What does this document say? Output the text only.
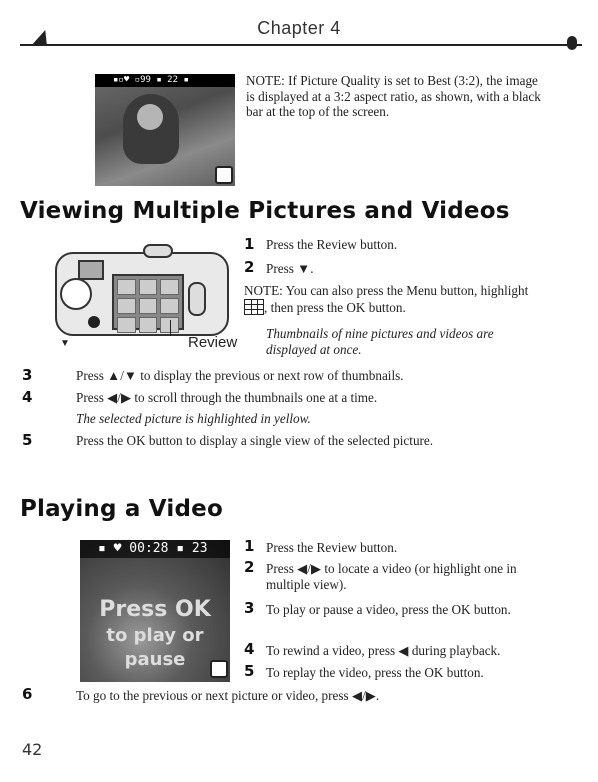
Chapter 4
▪▫♥ ▫99 ▪ 22 ▪	NOTE: If Picture Quality is set to Best (3:2), the image is displayed at a 3:2 aspect ratio, as shown, with a black bar at the top of the screen.
Viewing Multiple Pictures and Videos
▼	Review
1 Press the Review button.
2 Press ▼.
NOTE: You can also press the Menu button, highlight , then press the OK button.
Thumbnails of nine pictures and videos are displayed at once.
3	Press ▲/▼ to display the previous or next row of thumbnails.
4	Press ◀/▶ to scroll through the thumbnails one at a time.
The selected picture is highlighted in yellow.
5	Press the OK button to display a single view of the selected picture.
Playing a Video
▪ ♥ 00:28 ▪ 23
Press OK
to play or pause
1 Press the Review button.
2 Press ◀/▶ to locate a video (or highlight one in multiple view).
3 To play or pause a video, press the OK button.
4 To rewind a video, press ◀ during playback.
5 To replay the video, press the OK button.
6	To go to the previous or next picture or video, press ◀/▶.
42
